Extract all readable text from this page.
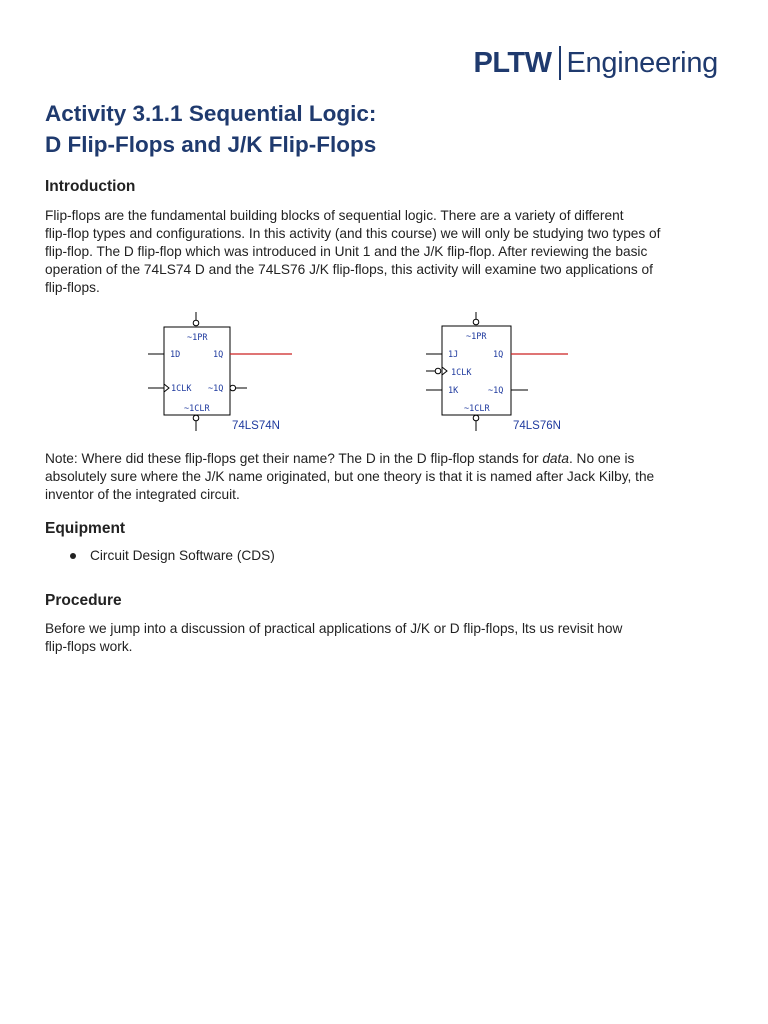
PLTW Engineering
Activity 3.1.1 Sequential Logic:
D Flip-Flops and J/K Flip-Flops
Introduction
Flip-flops are the fundamental building blocks of sequential logic. There are a variety of different
flip-flop types and configurations. In this activity (and this course) we will only be studying two types of
flip-flop. The D flip-flop which was introduced in Unit 1 and the J/K flip-flop. After reviewing the basic
operation of the 74LS74 D and the 74LS76 J/K flip-flops, this activity will examine two applications of
flip-flops.
~1PR
1D	1Q
1CLK ~1Q
~1CLR
74LS74N
~1PR
1J	1Q
1CLK
1K	~1Q
~1CLR
74LS76N
Note: Where did these flip-flops get their name? The D in the D flip-flop stands for data. No one is
absolutely sure where the J/K name originated, but one theory is that it is named after Jack Kilby, the
inventor of the integrated circuit.
Equipment
Circuit Design Software (CDS)
Procedure
Before we jump into a discussion of practical applications of J/K or D flip-flops, lts us revisit how
flip-flops work.
